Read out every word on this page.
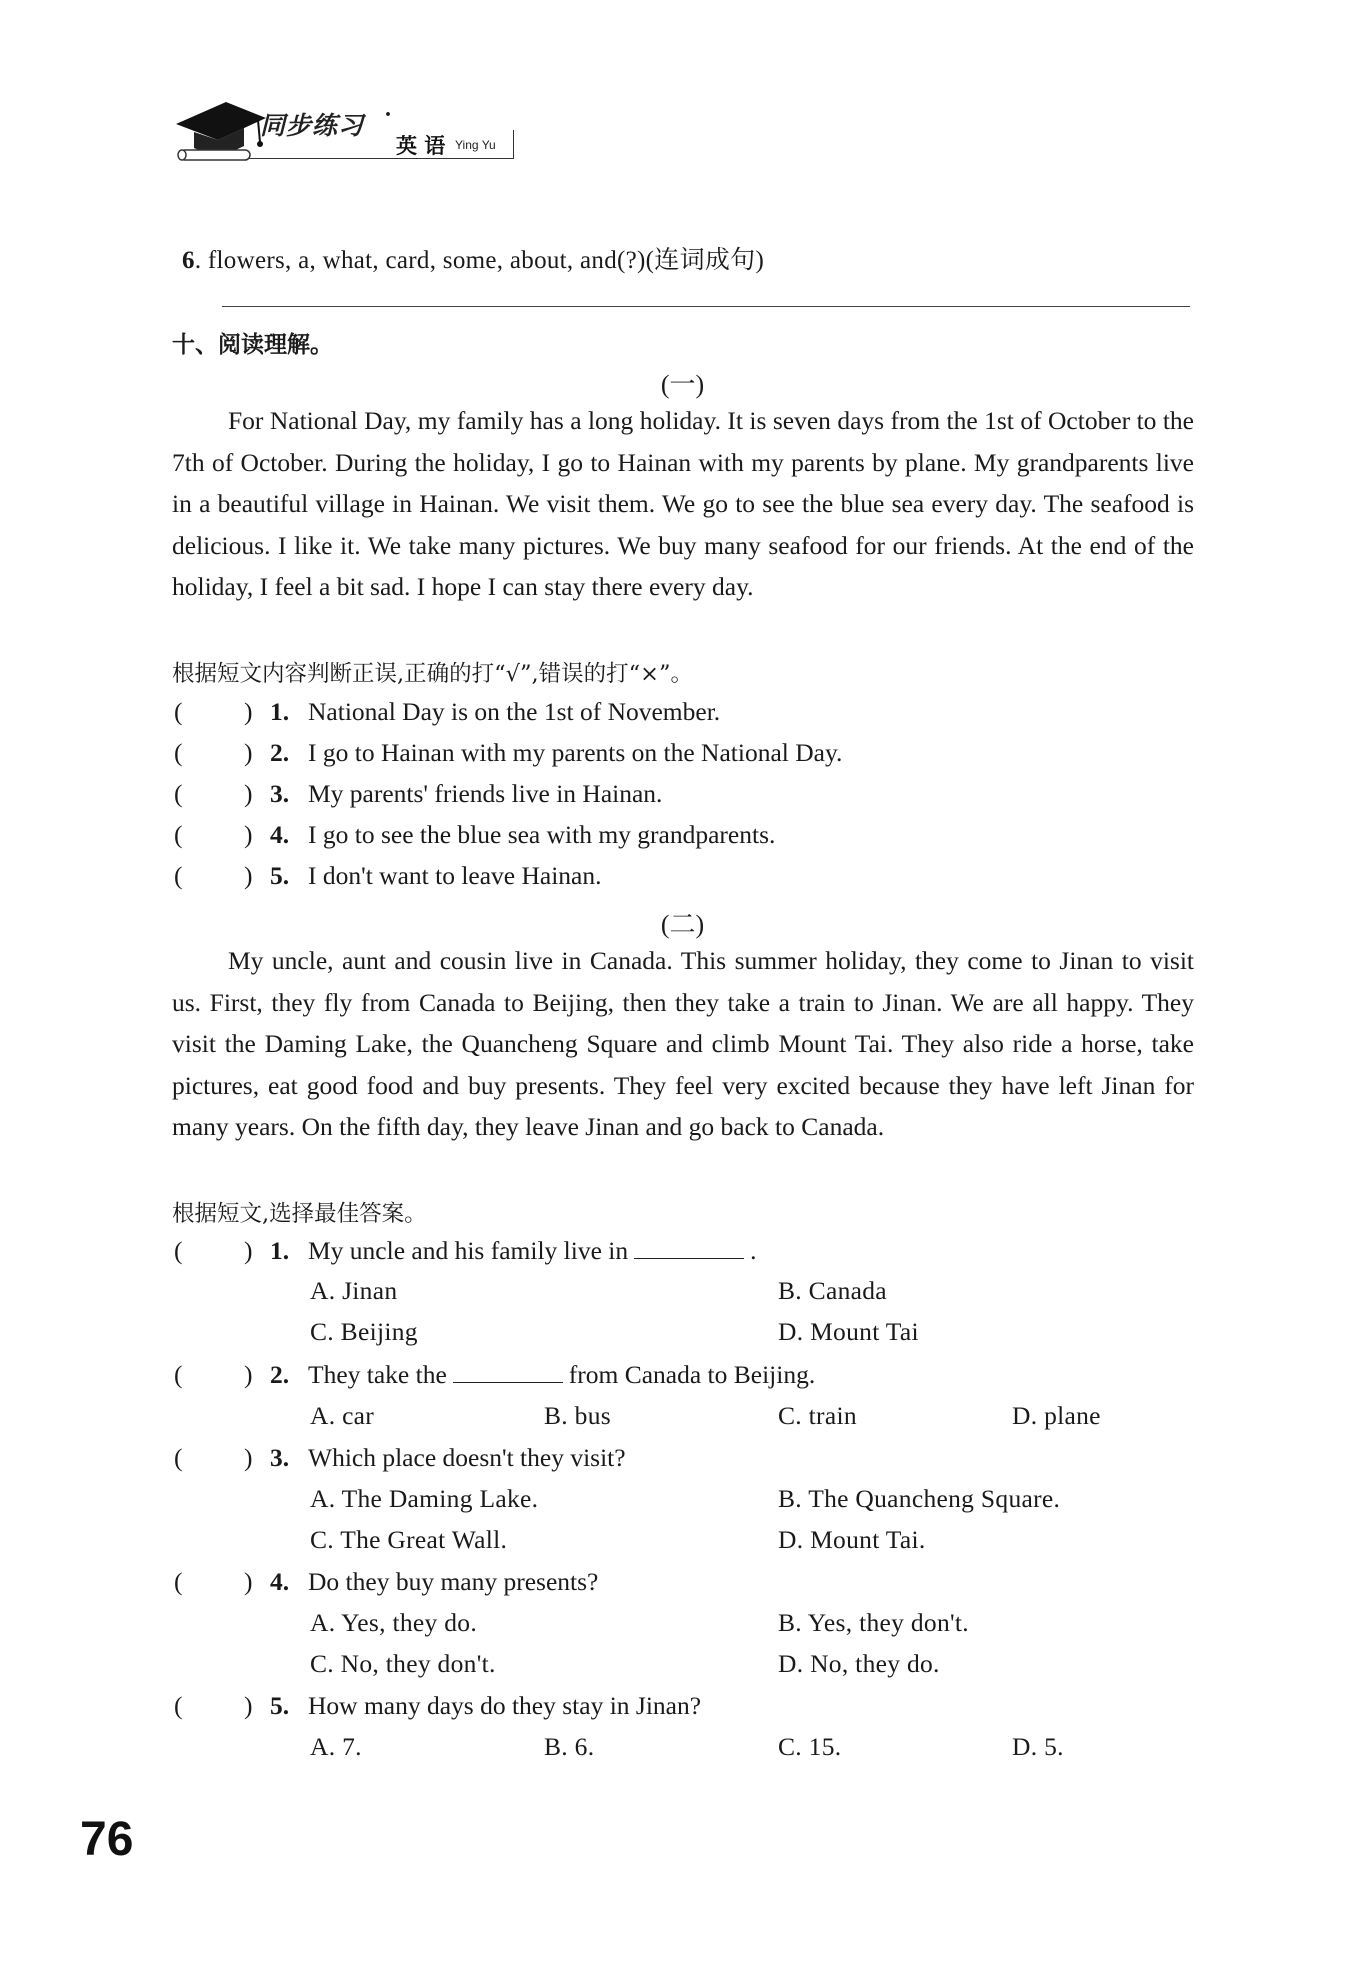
同步练习 ·
英 语 Ying Yu
6. flowers, a, what, card, some, about, and(?)(连词成句)
十、阅读理解。
(一)

For National Day, my family has a long holiday. It is seven days from the 1st of October to the 7th of October. During the holiday, I go to Hainan with my parents by plane. My grandparents live in a beautiful village in Hainan. We visit them. We go to see the blue sea every day. The seafood is delicious. I like it. We take many pictures. We buy many seafood for our friends. At the end of the holiday, I feel a bit sad. I hope I can stay there every day.

根据短文内容判断正误,正确的打“√”,错误的打“×”。
( ) 1. National Day is on the 1st of November.
( ) 2. I go to Hainan with my parents on the National Day.
( ) 3. My parents' friends live in Hainan.
( ) 4. I go to see the blue sea with my grandparents.
( ) 5. I don't want to leave Hainan.
(二)

My uncle, aunt and cousin live in Canada. This summer holiday, they come to Jinan to visit us. First, they fly from Canada to Beijing, then they take a train to Jinan. We are all happy. They visit the Daming Lake, the Quancheng Square and climb Mount Tai. They also ride a horse, take pictures, eat good food and buy presents. They feel very excited because they have left Jinan for many years. On the fifth day, they leave Jinan and go back to Canada.

根据短文,选择最佳答案。
( ) 1. My uncle and his family live in	.
A. Jinan	B. Canada
C. Beijing	D. Mount Tai
( ) 2. They take the	from Canada to Beijing.
A. car	B. bus	C. train	D. plane
( ) 3. Which place doesn't they visit?
A. The Daming Lake.	B. The Quancheng Square.
C. The Great Wall.	D. Mount Tai.
( ) 4. Do they buy many presents?
A. Yes, they do.	B. Yes, they don't.
C. No, they don't.	D. No, they do.
( ) 5. How many days do they stay in Jinan?
A. 7.	B. 6.	C. 15.	D. 5.
76
